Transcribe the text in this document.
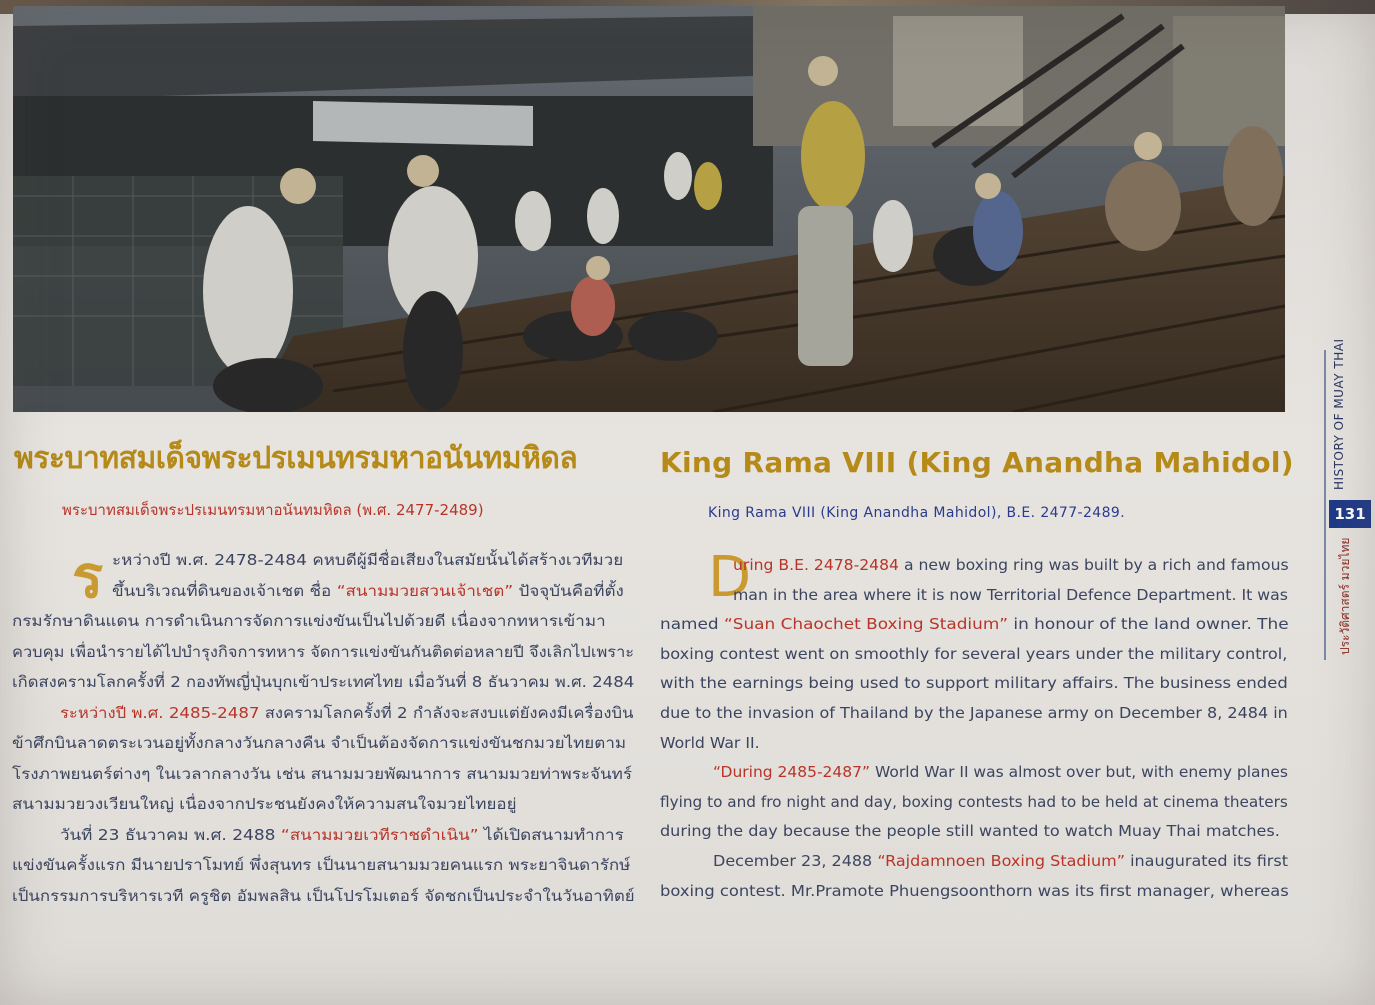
HISTORY OF MUAY THAI
131
ประวัติศาสตร์ มวยไทย
พระบาทสมเด็จพระปรเมนทรมหาอนันทมหิดล	King Rama VIII (King Anandha Mahidol)
พระบาทสมเด็จพระปรเมนทรมหาอนันทมหิดล (พ.ศ. 2477-2489)	King Rama VIII (King Anandha Mahidol), B.E. 2477-2489.
ร	D
ะหว่างปี พ.ศ. 2478-2484 คหบดีผู้มีชื่อเสียงในสมัยนั้นได้สร้างเวทีมวย
ขึ้นบริเวณที่ดินของเจ้าเชต ชื่อ “สนามมวยสวนเจ้าเชต” ปัจจุบันคือที่ตั้ง
กรมรักษาดินแดน การดำเนินการจัดการแข่งขันเป็นไปด้วยดี เนื่องจากทหารเข้ามา
ควบคุม เพื่อนำรายได้ไปบำรุงกิจการทหาร จัดการแข่งขันกันติดต่อหลายปี จึงเลิกไปเพราะ
เกิดสงครามโลกครั้งที่ 2 กองทัพญี่ปุ่นบุกเข้าประเทศไทย เมื่อวันที่ 8 ธันวาคม พ.ศ. 2484
ระหว่างปี พ.ศ. 2485-2487 สงครามโลกครั้งที่ 2 กำลังจะสงบแต่ยังคงมีเครื่องบิน
ข้าศึกบินลาดตระเวนอยู่ทั้งกลางวันกลางคืน จำเป็นต้องจัดการแข่งขันชกมวยไทยตาม
โรงภาพยนตร์ต่างๆ ในเวลากลางวัน เช่น สนามมวยพัฒนาการ สนามมวยท่าพระจันทร์
สนามมวยวงเวียนใหญ่ เนื่องจากประชนยังคงให้ความสนใจมวยไทยอยู่
วันที่ 23 ธันวาคม พ.ศ. 2488 “สนามมวยเวทีราชดำเนิน” ได้เปิดสนามทำการ
แข่งขันครั้งแรก มีนายปราโมทย์ พึ่งสุนทร เป็นนายสนามมวยคนแรก พระยาจินดารักษ์
เป็นกรรมการบริหารเวที ครูชิต อัมพลสิน เป็นโปรโมเตอร์ จัดชกเป็นประจำในวันอาทิตย์
uring B.E. 2478-2484 a new boxing ring was built by a rich and famous
man in the area where it is now Territorial Defence Department. It was
named “Suan Chaochet Boxing Stadium” in honour of the land owner. The
boxing contest went on smoothly for several years under the military control,
with the earnings being used to support military affairs. The business ended
due to the invasion of Thailand by the Japanese army on December 8, 2484 in
World War II.
“During 2485-2487” World War II was almost over but, with enemy planes
flying to and fro night and day, boxing contests had to be held at cinema theaters
during the day because the people still wanted to watch Muay Thai matches.
December 23, 2488 “Rajdamnoen Boxing Stadium” inaugurated its first
boxing contest. Mr.Pramote Phuengsoonthorn was its first manager, whereas
